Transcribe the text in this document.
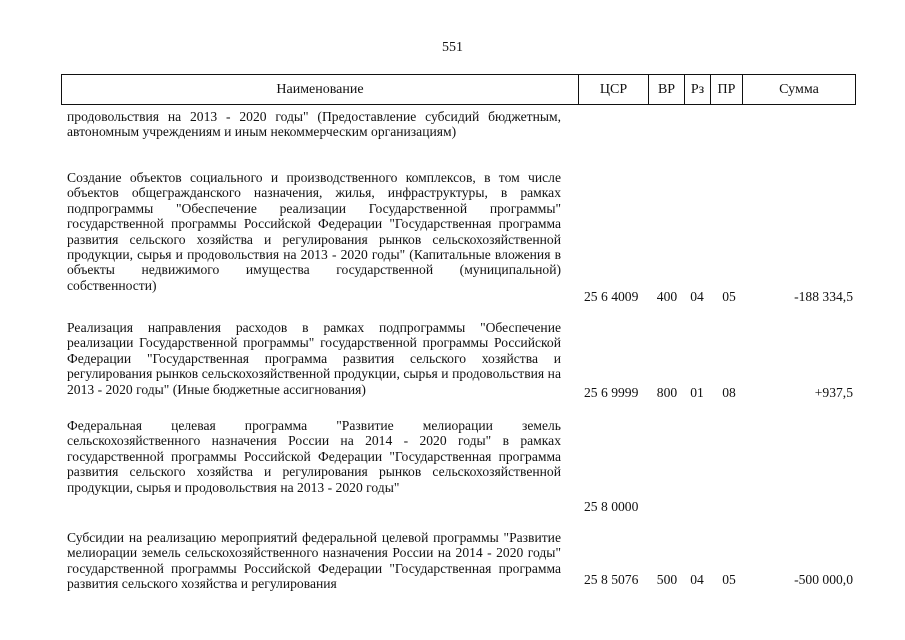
551
Наименование	ЦСР	ВР	Рз ПР	Сумма
продовольствия на 2013 - 2020 годы" (Предоставление субсидий бюджетным, автономным учреждениям и иным некоммерческим организациям)
Создание объектов социального и производственного комплексов, в том числе объектов общегражданского назначения, жилья, инфраструктуры, в рамках подпрограммы "Обеспечение реализации Государственной программы" государственной программы Российской Федерации "Государственная программа развития сельского хозяйства и регулирования рынков сельскохозяйственной продукции, сырья и продовольствия на 2013 - 2020 годы" (Капитальные вложения в объекты недвижимого имущества государственной (муниципальной) собственности)
25 6 4009	400 04	05	-188 334,5
Реализация направления расходов в рамках подпрограммы "Обеспечение реализации Государственной программы" государственной программы Российской Федерации "Государственная программа развития сельского хозяйства и регулирования рынков сельскохозяйственной продукции, сырья и продовольствия на 2013 - 2020 годы" (Иные бюджетные ассигнования)	25 6 9999	800 01	08	+937,5
Федеральная целевая программа "Развитие мелиорации земель сельскохозяйственного назначения России на 2014 - 2020 годы" в рамках государственной программы Российской Федерации "Государственная программа развития сельского хозяйства и регулирования рынков сельскохозяйственной продукции, сырья и продовольствия на 2013 - 2020 годы"
25 8 0000
Субсидии на реализацию мероприятий федеральной целевой программы "Развитие мелиорации земель сельскохозяйственного назначения России на 2014 - 2020 годы" государственной программы Российской Федерации "Государственная программа развития сельского хозяйства и регулирования	25 8 5076	500 04	05	-500 000,0
